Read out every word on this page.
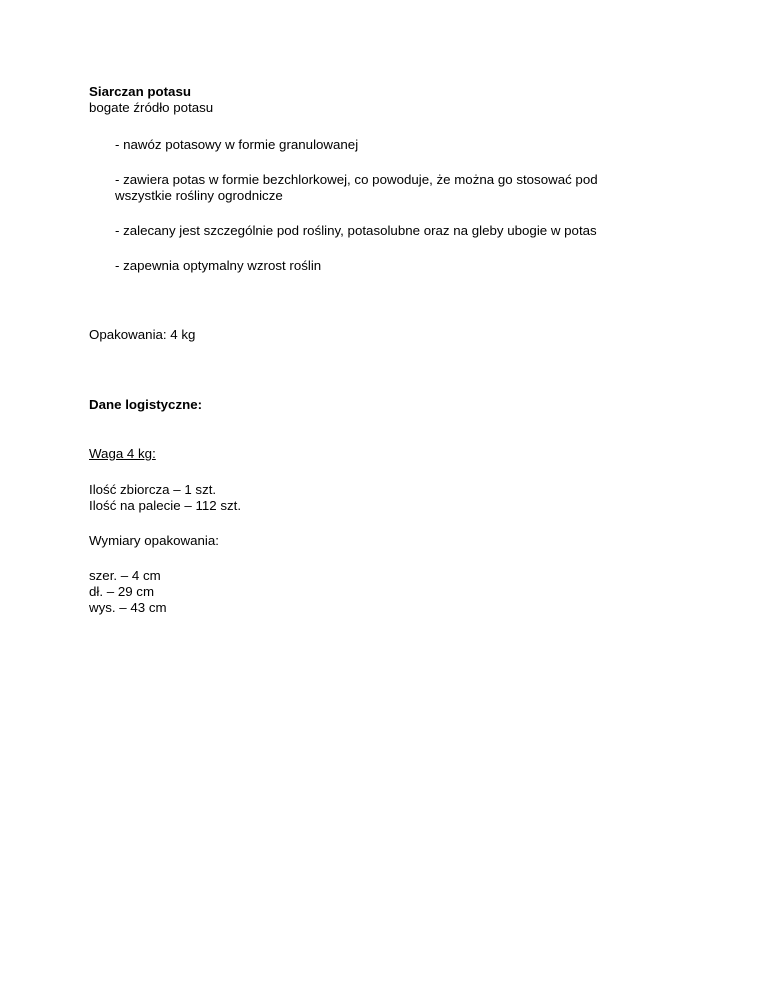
Siarczan potasu
bogate źródło potasu
- nawóz potasowy w formie granulowanej
- zawiera potas w formie bezchlorkowej, co powoduje, że można go stosować pod
wszystkie rośliny ogrodnicze
- zalecany jest szczególnie pod rośliny, potasolubne oraz na gleby ubogie w potas
- zapewnia optymalny wzrost roślin
Opakowania: 4 kg
Dane logistyczne:
Waga 4 kg:
Ilość zbiorcza – 1 szt.
Ilość na palecie – 112 szt.
Wymiary opakowania:
szer. – 4 cm
dł. – 29 cm
wys. – 43 cm
